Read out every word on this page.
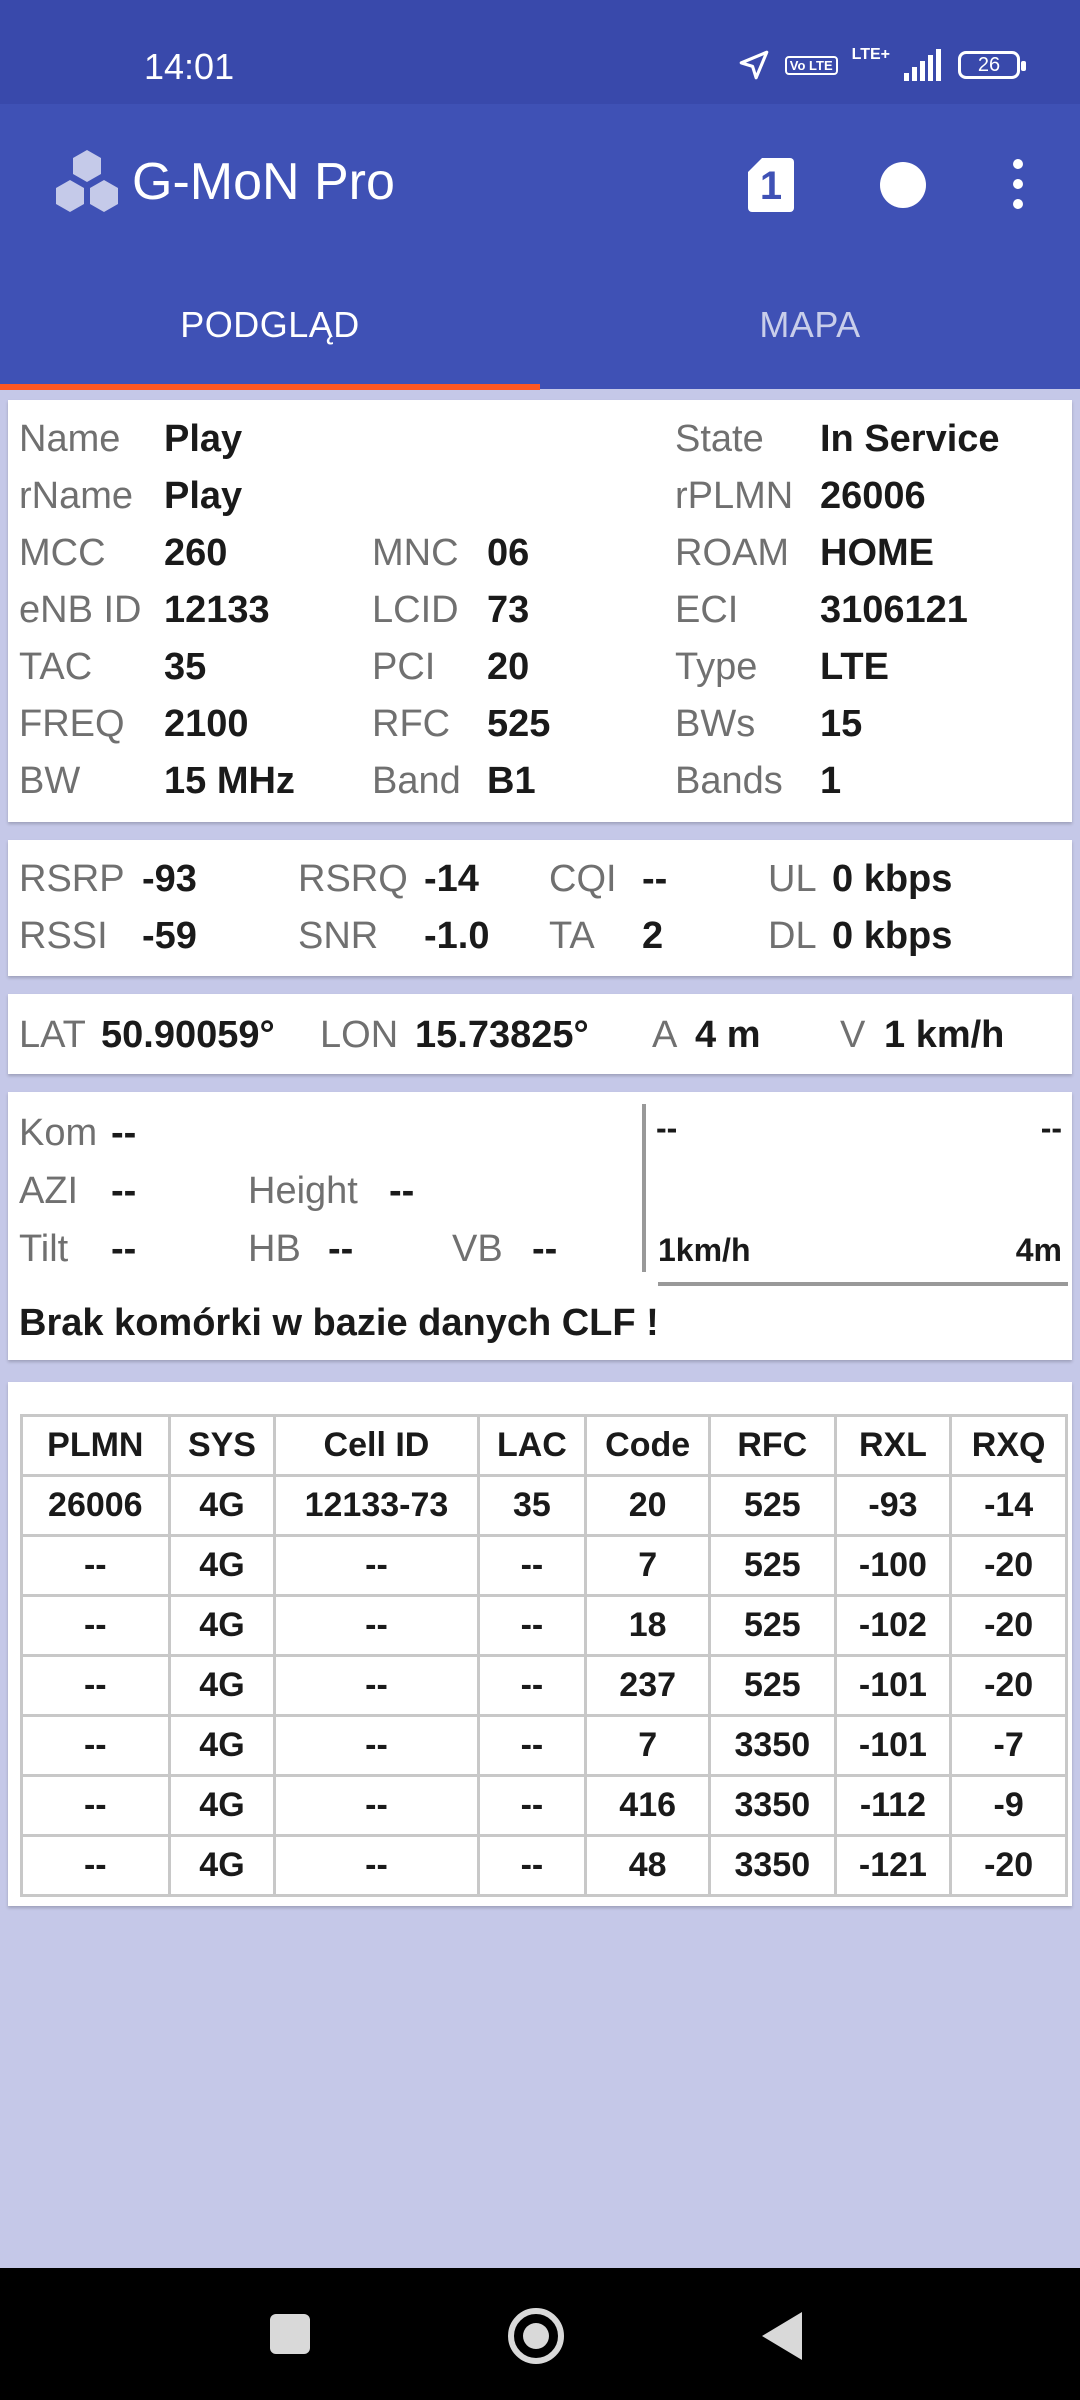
14:01	Vo LTE
LTE+	26
G-MoN Pro	1
PODGLĄD	MAPA
Name Play	State In Service
rName Play	rPLMN 26006
MCC 260	MNC 06	ROAM HOME
eNB ID 12133	LCID 73	ECI 3106121
TAC 35	PCI 20	Type LTE
FREQ 2100	RFC 525	BWs 15
BW 15 MHz Band B1	Bands 1
RSRP -93	RSRQ -14 CQI --	UL 0 kbps
RSSI -59	SNR -1.0 TA 2	DL 0 kbps
LAT 50.90059° LON 15.73825° A 4 m V 1 km/h
Kom --
AZI --	Height --
Tilt --	HB --	VB --
--	--
1km/h	4m
Brak komórki w bazie danych CLF !
PLMN	SYS	Cell ID	LAC	Code	RFC	RXL	RXQ
26006	4G	12133-73	35	20	525	-93	-14
--	4G	--	--	7	525	-100	-20
--	4G	--	--	18	525	-102	-20
--	4G	--	--	237	525	-101	-20
--	4G	--	--	7	3350	-101	-7
--	4G	--	--	416	3350	-112	-9
--	4G	--	--	48	3350	-121	-20
